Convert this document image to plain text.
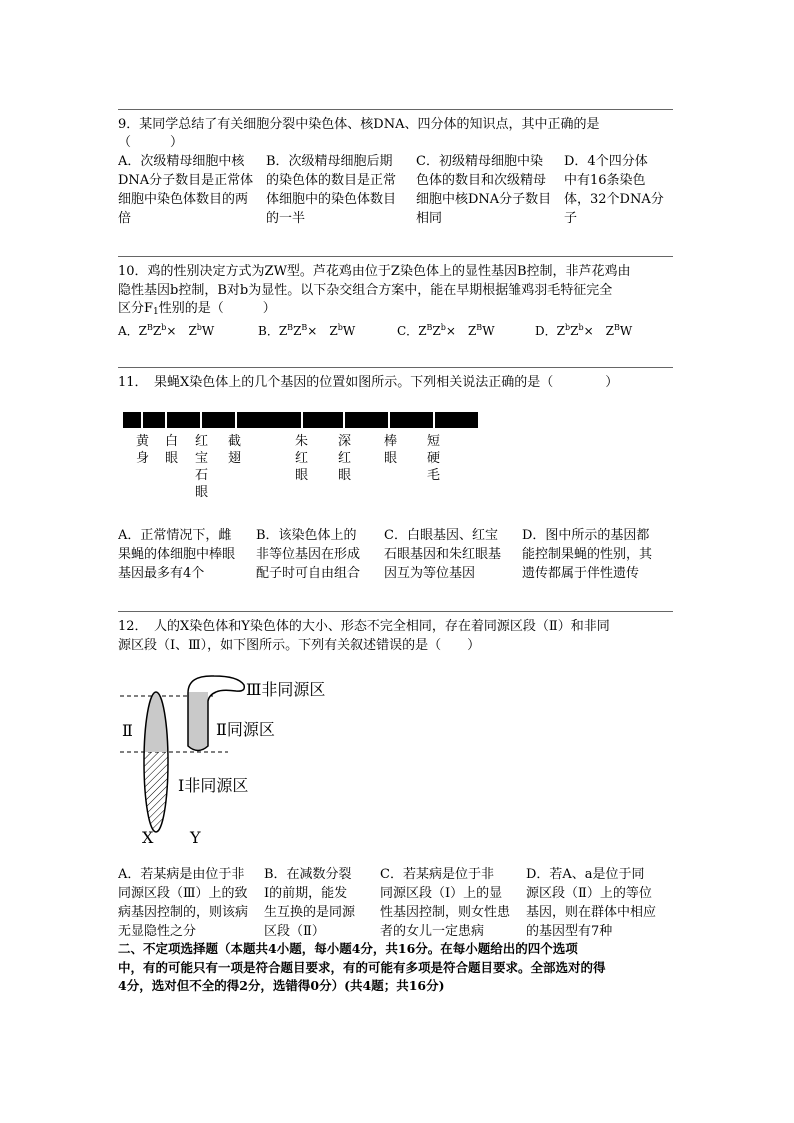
9．某同学总结了有关细胞分裂中染色体、核DNA、四分体的知识点，其中正确的是
（　　　）
A．次级精母细胞中核
DNA分子数目是正常体
细胞中染色体数目的两
倍
B．次级精母细胞后期
的染色体的数目是正常
体细胞中的染色体数目
的一半
C．初级精母细胞中染
色体的数目和次级精母
细胞中核DNA分子数目
相同
D．4个四分体
中有16条染色
体，32个DNA分
子
10．鸡的性别决定方式为ZW型。芦花鸡由位于Z染色体上的显性基因B控制，非芦花鸡由
隐性基因b控制，B对b为显性。以下杂交组合方案中，能在早期根据雏鸡羽毛特征完全
区分$F_1$性别的是（　　　）
A．$Z^BZ^b\times$　$Z^bW$	B．$Z^BZ^B\times$　$Z^bW$	C．$Z^BZ^b\times$　$Z^BW$	D．$Z^bZ^b\times$　$Z^BW$
11．　果蝇X染色体上的几个基因的位置如图所示。下列相关说法正确的是（　　　　）
黄
身
白
眼
红
宝
石
眼
截
翅
朱
红
眼
深
红
眼
棒
眼
短
硬
毛
A．正常情况下，雌
果蝇的体细胞中棒眼
基因最多有4个
B．该染色体上的
非等位基因在形成
配子时可自由组合
C．白眼基因、红宝
石眼基因和朱红眼基
因互为等位基因
D．图中所示的基因都
能控制果蝇的性别，其
遗传都属于伴性遗传
12．　人的X染色体和Y染色体的大小、形态不完全相同，存在着同源区段（Ⅱ）和非同
源区段（Ⅰ、Ⅲ），如下图所示。下列有关叙述错误的是（　　）
Ⅱ
Ⅲ非同源区
Ⅱ同源区
Ⅰ非同源区
X Y
A．若某病是由位于非
同源区段（Ⅲ）上的致
病基因控制的，则该病
无显隐性之分
B．在减数分裂
Ⅰ的前期，能发
生互换的是同源
区段（Ⅱ）
C．若某病是位于非
同源区段（Ⅰ）上的显
性基因控制，则女性患
者的女儿一定患病
D．若A、a是位于同
源区段（Ⅱ）上的等位
基因，则在群体中相应
的基因型有7种
二、不定项选择题（本题共4小题，每小题4分，共16分。在每小题给出的四个选项
中，有的可能只有一项是符合题目要求，有的可能有多项是符合题目要求。全部选对的得
4分，选对但不全的得2分，选错得0分）(共4题；共16分)
